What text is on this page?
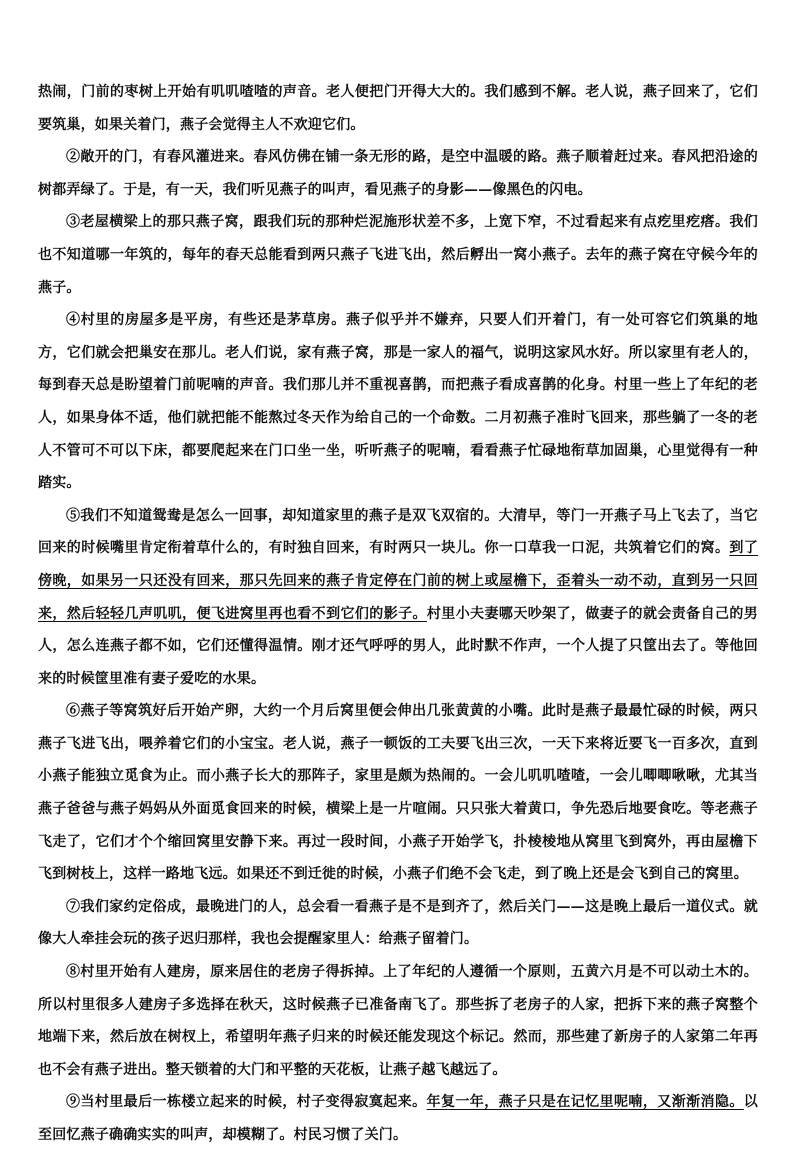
热闹，门前的枣树上开始有叽叽喳喳的声音。老人便把门开得大大的。我们感到不解。老人说，燕子回来了，它们要筑巢，如果关着门，燕子会觉得主人不欢迎它们。

②敞开的门，有春风灌进来。春风仿佛在铺一条无形的路，是空中温暖的路。燕子顺着赶过来。春风把沿途的树都弄绿了。于是，有一天，我们听见燕子的叫声，看见燕子的身影——像黑色的闪电。

③老屋横梁上的那只燕子窝，跟我们玩的那种烂泥施形状差不多，上宽下窄，不过看起来有点疙里疙瘩。我们也不知道哪一年筑的，每年的春天总能看到两只燕子飞进飞出，然后孵出一窝小燕子。去年的燕子窝在守候今年的燕子。

④村里的房屋多是平房，有些还是茅草房。燕子似乎并不嫌弃，只要人们开着门，有一处可容它们筑巢的地方，它们就会把巢安在那儿。老人们说，家有燕子窝，那是一家人的福气，说明这家风水好。所以家里有老人的，每到春天总是盼望着门前呢喃的声音。我们那儿并不重视喜鹊，而把燕子看成喜鹊的化身。村里一些上了年纪的老人，如果身体不适，他们就把能不能熬过冬天作为给自己的一个命数。二月初燕子准时飞回来，那些躺了一冬的老人不管可不可以下床，都要爬起来在门口坐一坐，听听燕子的呢喃，看看燕子忙碌地衔草加固巢，心里觉得有一种踏实。

⑤我们不知道鸳鸯是怎么一回事，却知道家里的燕子是双飞双宿的。大清早，等门一开燕子马上飞去了，当它回来的时候嘴里肯定衔着草什么的，有时独自回来，有时两只一块儿。你一口草我一口泥，共筑着它们的窝。到了傍晚，如果另一只还没有回来，那只先回来的燕子肯定停在门前的树上或屋檐下，歪着头一动不动，直到另一只回来，然后轻轻几声叽叽，便飞进窝里再也看不到它们的影子。村里小夫妻哪天吵架了，做妻子的就会责备自己的男人，怎么连燕子都不如，它们还懂得温情。刚才还气呼呼的男人，此时默不作声，一个人提了只筐出去了。等他回来的时候筐里准有妻子爱吃的水果。

⑥燕子等窝筑好后开始产卵，大约一个月后窝里便会伸出几张黄黄的小嘴。此时是燕子最最忙碌的时候，两只燕子飞进飞出，喂养着它们的小宝宝。老人说，燕子一顿饭的工夫要飞出三次，一天下来将近要飞一百多次，直到小燕子能独立觅食为止。而小燕子长大的那阵子，家里是颇为热闹的。一会儿叽叽喳喳，一会儿唧唧啾啾，尤其当燕子爸爸与燕子妈妈从外面觅食回来的时候，横梁上是一片喧闹。只只张大着黄口，争先恐后地要食吃。等老燕子飞走了，它们才个个缩回窝里安静下来。再过一段时间，小燕子开始学飞，扑棱棱地从窝里飞到窝外，再由屋檐下飞到树枝上，这样一路地飞远。如果还不到迁徙的时候，小燕子们绝不会飞走，到了晚上还是会飞到自己的窝里。

⑦我们家约定俗成，最晚进门的人，总会看一看燕子是不是到齐了，然后关门——这是晚上最后一道仪式。就像大人牵挂会玩的孩子迟归那样，我也会提醒家里人：给燕子留着门。

⑧村里开始有人建房，原来居住的老房子得拆掉。上了年纪的人遵循一个原则，五黄六月是不可以动土木的。所以村里很多人建房子多选择在秋天，这时候燕子已准备南飞了。那些拆了老房子的人家，把拆下来的燕子窝整个地端下来，然后放在树杈上，希望明年燕子归来的时候还能发现这个标记。然而，那些建了新房子的人家第二年再也不会有燕子进出。整天锁着的大门和平整的天花板，让燕子越飞越远了。

⑨当村里最后一栋楼立起来的时候，村子变得寂寞起来。年复一年，燕子只是在记忆里呢喃，又渐渐消隐。以至回忆燕子确确实实的叫声，却模糊了。村民习惯了关门。
